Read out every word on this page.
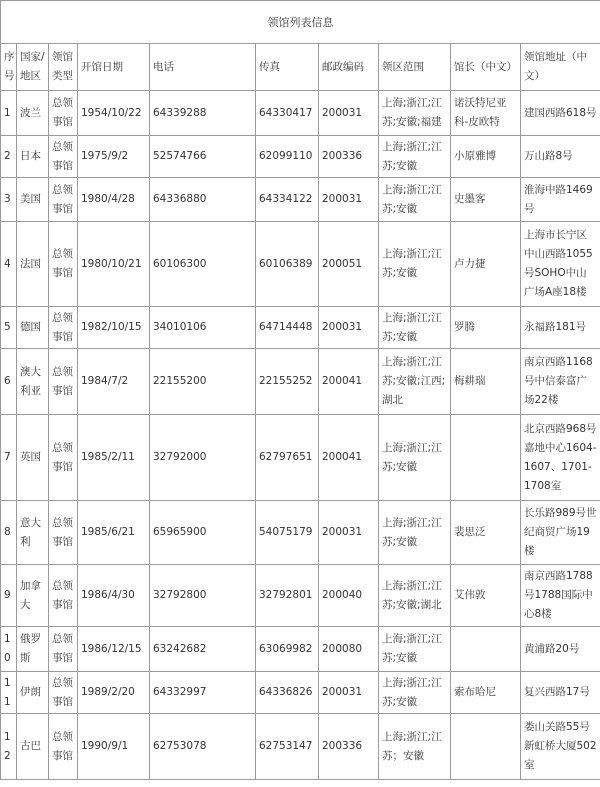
领馆列表信息									
序号	国家/地区	领馆类型	开馆日期	电话	传真	邮政编码	领区范围	馆长（中文）	领馆地址（中文）
1	波兰	总领事馆	1954/10/22	64339288	64330417	200031	上海;浙江;江苏;安徽;福建	诺沃特尼亚科-皮欧特	建国西路618号
2	日本	总领事馆	1975/9/2	52574766	62099110	200336	上海;浙江;江苏;安徽	小原雅博	万山路8号
3	美国	总领事馆	1980/4/28	64336880	64334122	200031	上海;浙江;江苏;安徽	史墨客	淮海中路1469号
4	法国	总领事馆	1980/10/21	60106300	60106389	200051	上海;浙江;江苏;安徽	卢力捷	上海市长宁区中山西路1055号SOHO中山广场A座18楼
5	德国	总领事馆	1982/10/15	34010106	64714448	200031	上海;浙江;江苏;安徽	罗腾	永福路181号
6	澳大利亚	总领事馆	1984/7/2	22155200	22155252	200041	上海;浙江;江苏;安徽;江西;湖北	梅耕瑞	南京西路1168号中信泰富广场22楼
7	英国	总领事馆	1985/2/11	32792000	62797651	200041	上海;浙江;江苏;安徽		北京西路968号嘉地中心1604-1607、1701-1708室
8	意大利	总领事馆	1985/6/21	65965900	54075179	200031	上海;浙江;江苏;安徽	裴思泛	长乐路989号世纪商贸广场19楼
9	加拿大	总领事馆	1986/4/30	32792800	32792801	200040	上海;浙江;江苏;安徽;湖北	艾伟敦	南京西路1788号1788国际中心8楼
10	俄罗斯	总领事馆	1986/12/15	63242682	63069982	200080	上海;浙江;江苏;安徽		黄浦路20号
11	伊朗	总领事馆	1989/2/20	64332997	64336826	200031	上海;浙江;江苏;安徽	索布哈尼	复兴西路17号
12	古巴	总领事馆	1990/9/1	62753078	62753147	200336	上海;浙江;江苏；安徽		娄山关路55号新虹桥大厦502室
